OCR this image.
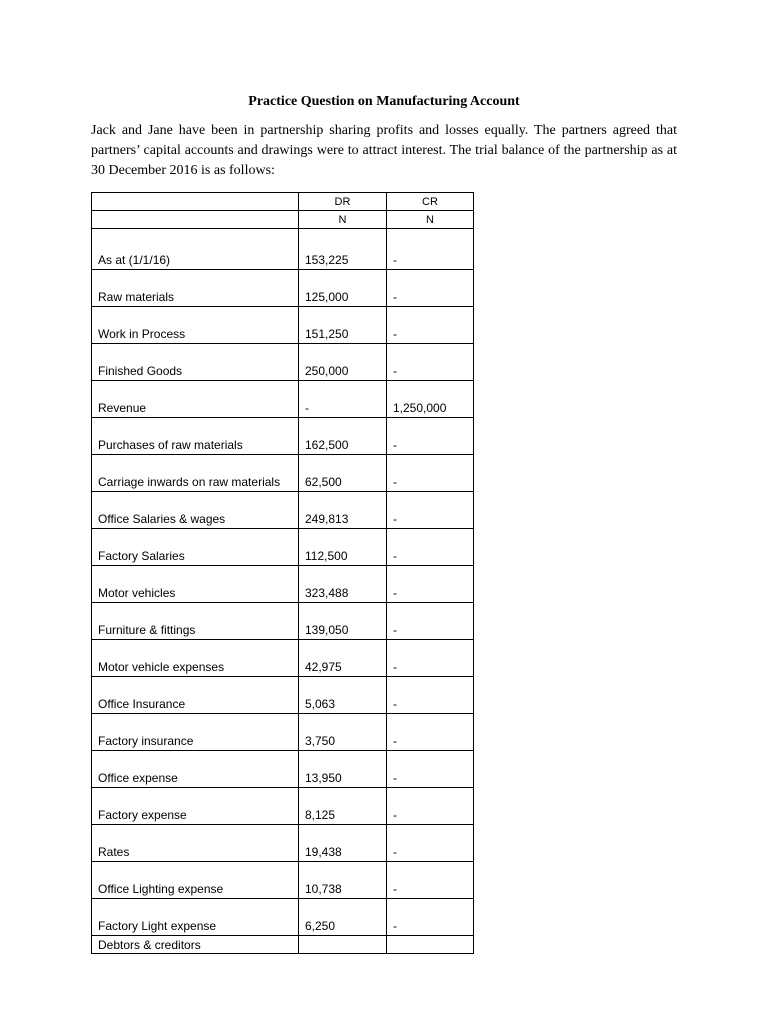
Practice Question on Manufacturing Account

Jack and Jane have been in partnership sharing profits and losses equally. The partners agreed that partners’ capital accounts and drawings were to attract interest. The trial balance of the partnership as at 30 December 2016 is as follows:

	DR	CR
	N	N
As at (1/1/16)	153,225	-
Raw materials	125,000	-
Work in Process	151,250	-
Finished Goods	250,000	-
Revenue	-	1,250,000
Purchases of raw materials	162,500	-
Carriage inwards on raw materials	62,500	-
Office Salaries & wages	249,813	-
Factory Salaries	112,500	-
Motor vehicles	323,488	-
Furniture & fittings	139,050	-
Motor vehicle expenses	42,975	-
Office Insurance	5,063	-
Factory insurance	3,750	-
Office expense	13,950	-
Factory expense	8,125	-
Rates	19,438	-
Office Lighting expense	10,738	-
Factory Light expense	6,250	-
Debtors & creditors		
